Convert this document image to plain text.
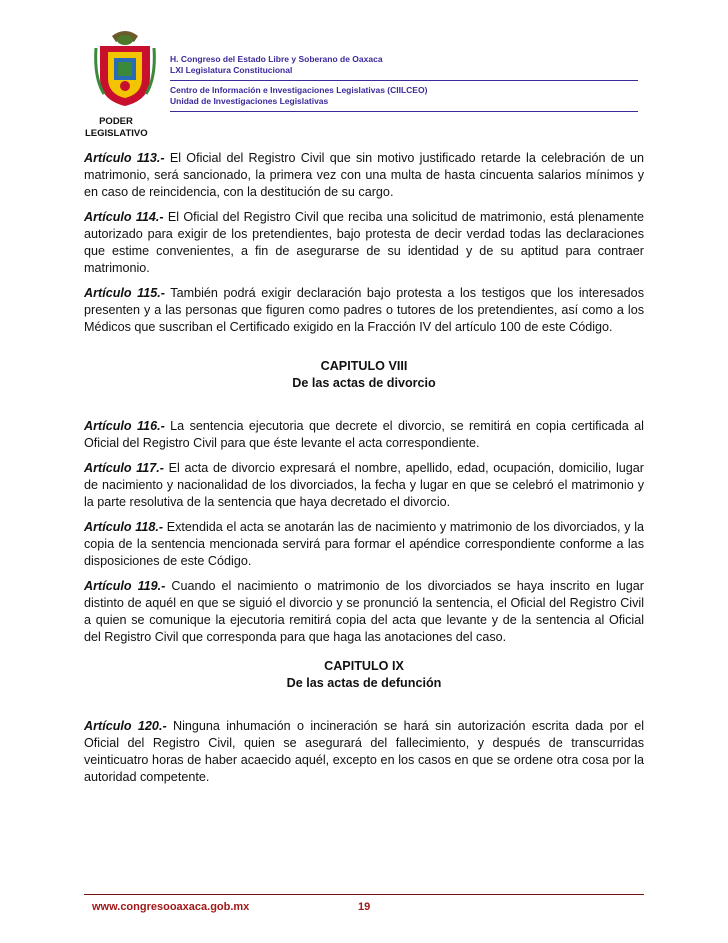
H. Congreso del Estado Libre y Soberano de Oaxaca
LXI Legislatura Constitucional
Centro de Información e Investigaciones Legislativas (CIILCEO)
Unidad de Investigaciones Legislativas
PODER
LEGISLATIVO

Artículo 113.- El Oficial del Registro Civil que sin motivo justificado retarde la celebración de un matrimonio, será sancionado, la primera vez con una multa de hasta cincuenta salarios mínimos y en caso de reincidencia, con la destitución de su cargo.

Artículo 114.- El Oficial del Registro Civil que reciba una solicitud de matrimonio, está plenamente autorizado para exigir de los pretendientes, bajo protesta de decir verdad todas las declaraciones que estime convenientes, a fin de asegurarse de su identidad y de su aptitud para contraer matrimonio.

Artículo 115.- También podrá exigir declaración bajo protesta a los testigos que los interesados presenten y a las personas que figuren como padres o tutores de los pretendientes, así como a los Médicos que suscriban el Certificado exigido en la Fracción IV del artículo 100 de este Código.

CAPITULO VIII
De las actas de divorcio

Artículo 116.- La sentencia ejecutoria que decrete el divorcio, se remitirá en copia certificada al Oficial del Registro Civil para que éste levante el acta correspondiente.

Artículo 117.- El acta de divorcio expresará el nombre, apellido, edad, ocupación, domicilio, lugar de nacimiento y nacionalidad de los divorciados, la fecha y lugar en que se celebró el matrimonio y la parte resolutiva de la sentencia que haya decretado el divorcio.

Artículo 118.- Extendida el acta se anotarán las de nacimiento y matrimonio de los divorciados, y la copia de la sentencia mencionada servirá para formar el apéndice correspondiente conforme a las disposiciones de este Código.

Artículo 119.- Cuando el nacimiento o matrimonio de los divorciados se haya inscrito en lugar distinto de aquél en que se siguió el divorcio y se pronunció la sentencia, el Oficial del Registro Civil a quien se comunique la ejecutoria remitirá copia del acta que levante y de la sentencia al Oficial del Registro Civil que corresponda para que haga las anotaciones del caso.

CAPITULO IX
De las actas de defunción

Artículo 120.- Ninguna inhumación o incineración se hará sin autorización escrita dada por el Oficial del Registro Civil, quien se asegurará del fallecimiento, y después de transcurridas veinticuatro horas de haber acaecido aquél, excepto en los casos en que se ordene otra cosa por la autoridad competente.

www.congresooaxaca.gob.mx	19
